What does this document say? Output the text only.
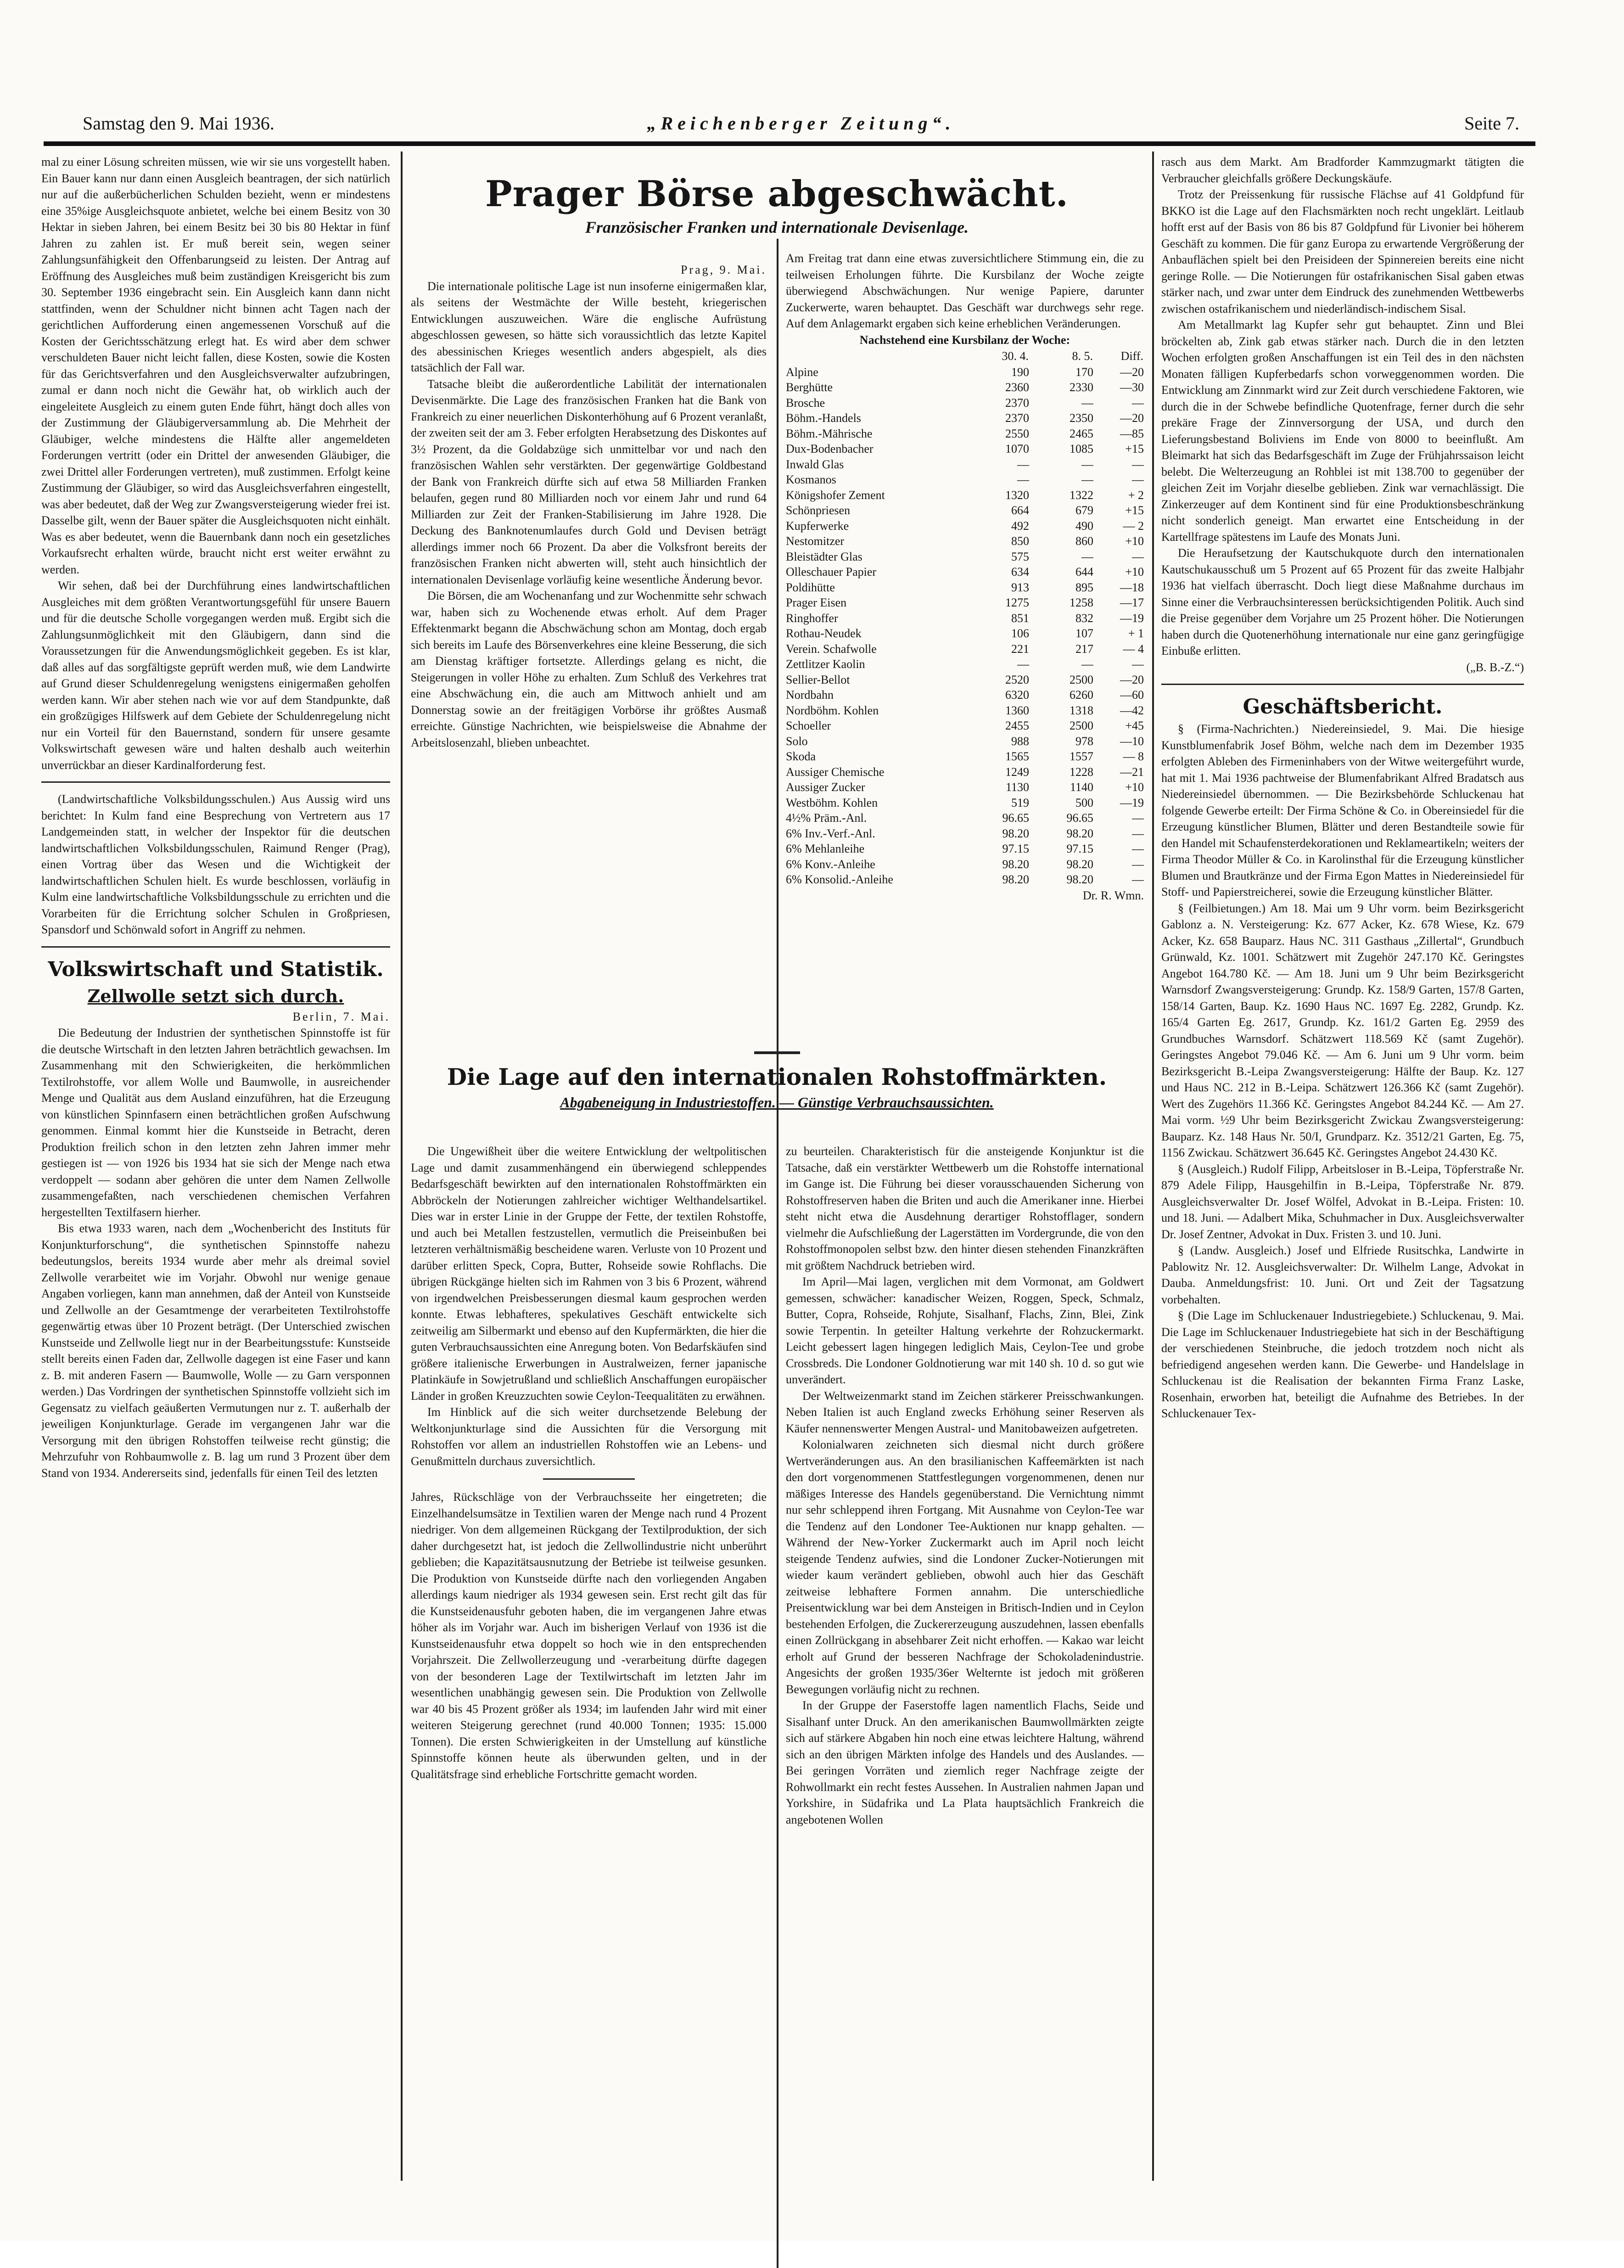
Samstag den 9. Mai 1936.	„Reichenberger Zeitung“.	Seite 7.

mal zu einer Lösung schreiten müssen, wie wir sie uns vorgestellt haben. Ein Bauer kann nur dann einen Ausgleich beantragen, der sich natürlich nur auf die außerbücherlichen Schulden bezieht, wenn er mindestens eine 35%ige Ausgleichsquote anbietet, welche bei einem Besitz von 30 Hektar in sieben Jahren, bei einem Besitz bei 30 bis 80 Hektar in fünf Jahren zu zahlen ist. Er muß bereit sein, wegen seiner Zahlungsunfähigkeit den Offenbarungseid zu leisten. Der Antrag auf Eröffnung des Ausgleiches muß beim zuständigen Kreisgericht bis zum 30. September 1936 eingebracht sein. Ein Ausgleich kann dann nicht stattfinden, wenn der Schuldner nicht binnen acht Tagen nach der gerichtlichen Aufforderung einen angemessenen Vorschuß auf die Kosten der Gerichtsschätzung erlegt hat. Es wird aber dem schwer verschuldeten Bauer nicht leicht fallen, diese Kosten, sowie die Kosten für das Gerichtsverfahren und den Ausgleichsverwalter aufzubringen, zumal er dann noch nicht die Gewähr hat, ob wirklich auch der eingeleitete Ausgleich zu einem guten Ende führt, hängt doch alles von der Zustimmung der Gläubigerversammlung ab. Die Mehrheit der Gläubiger, welche mindestens die Hälfte aller angemeldeten Forderungen vertritt (oder ein Drittel der anwesenden Gläubiger, die zwei Drittel aller Forderungen vertreten), muß zustimmen. Erfolgt keine Zustimmung der Gläubiger, so wird das Ausgleichsverfahren eingestellt, was aber bedeutet, daß der Weg zur Zwangsversteigerung wieder frei ist. Dasselbe gilt, wenn der Bauer später die Ausgleichsquoten nicht einhält. Was es aber bedeutet, wenn die Bauernbank dann noch ein gesetzliches Vorkaufsrecht erhalten würde, braucht nicht erst weiter erwähnt zu werden.

Wir sehen, daß bei der Durchführung eines landwirtschaftlichen Ausgleiches mit dem größten Verantwortungsgefühl für unsere Bauern und für die deutsche Scholle vorgegangen werden muß. Ergibt sich die Zahlungsunmöglichkeit mit den Gläubigern, dann sind die Voraussetzungen für die Anwendungsmöglichkeit gegeben. Es ist klar, daß alles auf das sorgfältigste geprüft werden muß, wie dem Landwirte auf Grund dieser Schuldenregelung wenigstens einigermaßen geholfen werden kann. Wir aber stehen nach wie vor auf dem Standpunkte, daß ein großzügiges Hilfswerk auf dem Gebiete der Schuldenregelung nicht nur ein Vorteil für den Bauernstand, sondern für unsere gesamte Volkswirtschaft gewesen wäre und halten deshalb auch weiterhin unverrückbar an dieser Kardinalforderung fest.

(Landwirtschaftliche Volksbildungsschulen.) Aus Aussig wird uns berichtet: In Kulm fand eine Besprechung von Vertretern aus 17 Landgemeinden statt, in welcher der Inspektor für die deutschen landwirtschaftlichen Volksbildungsschulen, Raimund Renger (Prag), einen Vortrag über das Wesen und die Wichtigkeit der landwirtschaftlichen Schulen hielt. Es wurde beschlossen, vorläufig in Kulm eine landwirtschaftliche Volksbildungsschule zu errichten und die Vorarbeiten für die Errichtung solcher Schulen in Großpriesen, Spansdorf und Schönwald sofort in Angriff zu nehmen.

Volkswirtschaft und Statistik.
Zellwolle setzt sich durch.
Berlin, 7. Mai.

Die Bedeutung der Industrien der synthetischen Spinnstoffe ist für die deutsche Wirtschaft in den letzten Jahren beträchtlich gewachsen. Im Zusammenhang mit den Schwierigkeiten, die herkömmlichen Textilrohstoffe, vor allem Wolle und Baumwolle, in ausreichender Menge und Qualität aus dem Ausland einzuführen, hat die Erzeugung von künstlichen Spinnfasern einen beträchtlichen großen Aufschwung genommen. Einmal kommt hier die Kunstseide in Betracht, deren Produktion freilich schon in den letzten zehn Jahren immer mehr gestiegen ist — von 1926 bis 1934 hat sie sich der Menge nach etwa verdoppelt — sodann aber gehören die unter dem Namen Zellwolle zusammengefaßten, nach verschiedenen chemischen Verfahren hergestellten Textilfasern hierher.

Bis etwa 1933 waren, nach dem „Wochenbericht des Instituts für Konjunkturforschung“, die synthetischen Spinnstoffe nahezu bedeutungslos, bereits 1934 wurde aber mehr als dreimal soviel Zellwolle verarbeitet wie im Vorjahr. Obwohl nur wenige genaue Angaben vorliegen, kann man annehmen, daß der Anteil von Kunstseide und Zellwolle an der Gesamtmenge der verarbeiteten Textilrohstoffe gegenwärtig etwas über 10 Prozent beträgt. (Der Unterschied zwischen Kunstseide und Zellwolle liegt nur in der Bearbeitungsstufe: Kunstseide stellt bereits einen Faden dar, Zellwolle dagegen ist eine Faser und kann z. B. mit anderen Fasern — Baumwolle, Wolle — zu Garn versponnen werden.) Das Vordringen der synthetischen Spinnstoffe vollzieht sich im Gegensatz zu vielfach geäußerten Vermutungen nur z. T. außerhalb der jeweiligen Konjunkturlage. Gerade im vergangenen Jahr war die Versorgung mit den übrigen Rohstoffen teilweise recht günstig; die Mehrzufuhr von Rohbaumwolle z. B. lag um rund 3 Prozent über dem Stand von 1934. Andererseits sind, jedenfalls für einen Teil des letzten

Prager Börse abgeschwächt.
Französischer Franken und internationale Devisenlage.
Prag, 9. Mai.

Die internationale politische Lage ist nun insoferne einigermaßen klar, als seitens der Westmächte der Wille besteht, kriegerischen Entwicklungen auszuweichen. Wäre die englische Aufrüstung abgeschlossen gewesen, so hätte sich voraussichtlich das letzte Kapitel des abessinischen Krieges wesentlich anders abgespielt, als dies tatsächlich der Fall war.

Tatsache bleibt die außerordentliche Labilität der internationalen Devisenmärkte. Die Lage des französischen Franken hat die Bank von Frankreich zu einer neuerlichen Diskonterhöhung auf 6 Prozent veranlaßt, der zweiten seit der am 3. Feber erfolgten Herabsetzung des Diskontes auf 3½ Prozent, da die Goldabzüge sich unmittelbar vor und nach den französischen Wahlen sehr verstärkten. Der gegenwärtige Goldbestand der Bank von Frankreich dürfte sich auf etwa 58 Milliarden Franken belaufen, gegen rund 80 Milliarden noch vor einem Jahr und rund 64 Milliarden zur Zeit der Franken-Stabilisierung im Jahre 1928. Die Deckung des Banknotenumlaufes durch Gold und Devisen beträgt allerdings immer noch 66 Prozent. Da aber die Volksfront bereits der französischen Franken nicht abwerten will, steht auch hinsichtlich der internationalen Devisenlage vorläufig keine wesentliche Änderung bevor.

Die Börsen, die am Wochenanfang und zur Wochenmitte sehr schwach war, haben sich zu Wochenende etwas erholt. Auf dem Prager Effektenmarkt begann die Abschwächung schon am Montag, doch ergab sich bereits im Laufe des Börsenverkehres eine kleine Besserung, die sich am Dienstag kräftiger fortsetzte. Allerdings gelang es nicht, die Steigerungen in voller Höhe zu erhalten. Zum Schluß des Verkehres trat eine Abschwächung ein, die auch am Mittwoch anhielt und am Donnerstag sowie an der freitägigen Vorbörse ihr größtes Ausmaß erreichte. Günstige Nachrichten, wie beispielsweise die Abnahme der Arbeitslosenzahl, blieben unbeachtet.

Am Freitag trat dann eine etwas zuversichtlichere Stimmung ein, die zu teilweisen Erholungen führte. Die Kursbilanz der Woche zeigte überwiegend Abschwächungen. Nur wenige Papiere, darunter Zuckerwerte, waren behauptet. Das Geschäft war durchwegs sehr rege. Auf dem Anlagemarkt ergaben sich keine erheblichen Veränderungen.

Nachstehend eine Kursbilanz der Woche:

	30. 4.	8. 5.	Diff.
Alpine	190	170	—20
Berghütte	2360	2330	—30
Brosche	2370	—	—
Böhm.-Handels	2370	2350	—20
Böhm.-Mährische	2550	2465	—85
Dux-Bodenbacher	1070	1085	+15
Inwald Glas	—	—	—
Kosmanos	—	—	—
Königshofer Zement	1320	1322	+ 2
Schönpriesen	664	679	+15
Kupferwerke	492	490	— 2
Nestomitzer	850	860	+10
Bleistädter Glas	575	—	—
Olleschauer Papier	634	644	+10
Poldihütte	913	895	—18
Prager Eisen	1275	1258	—17
Ringhoffer	851	832	—19
Rothau-Neudek	106	107	+ 1
Verein. Schafwolle	221	217	— 4
Zettlitzer Kaolin	—	—	—
Sellier-Bellot	2520	2500	—20
Nordbahn	6320	6260	—60
Nordböhm. Kohlen	1360	1318	—42
Schoeller	2455	2500	+45
Solo	988	978	—10
Skoda	1565	1557	— 8
Aussiger Chemische	1249	1228	—21
Aussiger Zucker	1130	1140	+10
Westböhm. Kohlen	519	500	—19
4½% Präm.-Anl.	96.65	96.65	—
6% Inv.-Verf.-Anl.	98.20	98.20	—
6% Mehlanleihe	97.15	97.15	—
6% Konv.-Anleihe	98.20	98.20	—
6% Konsolid.-Anleihe	98.20	98.20	—
Dr. R. Wmn.
Die Lage auf den internationalen Rohstoffmärkten.
Abgabeneigung in Industriestoffen. — Günstige Verbrauchsaussichten.

Die Ungewißheit über die weitere Entwicklung der weltpolitischen Lage und damit zusammenhängend ein überwiegend schleppendes Bedarfsgeschäft bewirkten auf den internationalen Rohstoffmärkten ein Abbröckeln der Notierungen zahlreicher wichtiger Welthandelsartikel. Dies war in erster Linie in der Gruppe der Fette, der textilen Rohstoffe, und auch bei Metallen festzustellen, vermutlich die Preiseinbußen bei letzteren verhältnismäßig bescheidene waren. Verluste von 10 Prozent und darüber erlitten Speck, Copra, Butter, Rohseide sowie Rohflachs. Die übrigen Rückgänge hielten sich im Rahmen von 3 bis 6 Prozent, während von irgendwelchen Preisbesserungen diesmal kaum gesprochen werden konnte. Etwas lebhafteres, spekulatives Geschäft entwickelte sich zeitweilig am Silbermarkt und ebenso auf den Kupfermärkten, die hier die guten Verbrauchsaussichten eine Anregung boten. Von Bedarfskäufen sind größere italienische Erwerbungen in Australweizen, ferner japanische Platinkäufe in Sowjetrußland und schließlich Anschaffungen europäischer Länder in großen Kreuzzuchten sowie Ceylon-Teequalitäten zu erwähnen.

Im Hinblick auf die sich weiter durchsetzende Belebung der Weltkonjunkturlage sind die Aussichten für die Versorgung mit Rohstoffen vor allem an industriellen Rohstoffen wie an Lebens- und Genußmitteln durchaus zuversichtlich.

Jahres, Rückschläge von der Verbrauchsseite her eingetreten; die Einzelhandelsumsätze in Textilien waren der Menge nach rund 4 Prozent niedriger. Von dem allgemeinen Rückgang der Textilproduktion, der sich daher durchgesetzt hat, ist jedoch die Zellwollindustrie nicht unberührt geblieben; die Kapazitätsausnutzung der Betriebe ist teilweise gesunken. Die Produktion von Kunstseide dürfte nach den vorliegenden Angaben allerdings kaum niedriger als 1934 gewesen sein. Erst recht gilt das für die Kunstseidenausfuhr geboten haben, die im vergangenen Jahre etwas höher als im Vorjahr war. Auch im bisherigen Verlauf von 1936 ist die Kunstseidenausfuhr etwa doppelt so hoch wie in den entsprechenden Vorjahrszeit. Die Zellwollerzeugung und -verarbeitung dürfte dagegen von der besonderen Lage der Textilwirtschaft im letzten Jahr im wesentlichen unabhängig gewesen sein. Die Produktion von Zellwolle war 40 bis 45 Prozent größer als 1934; im laufenden Jahr wird mit einer weiteren Steigerung gerechnet (rund 40.000 Tonnen; 1935: 15.000 Tonnen). Die ersten Schwierigkeiten in der Umstellung auf künstliche Spinnstoffe können heute als überwunden gelten, und in der Qualitätsfrage sind erhebliche Fortschritte gemacht worden.

zu beurteilen. Charakteristisch für die ansteigende Konjunktur ist die Tatsache, daß ein verstärkter Wettbewerb um die Rohstoffe international im Gange ist. Die Führung bei dieser vorausschauenden Sicherung von Rohstoffreserven haben die Briten und auch die Amerikaner inne. Hierbei steht nicht etwa die Ausdehnung derartiger Rohstofflager, sondern vielmehr die Aufschließung der Lagerstätten im Vordergrunde, die von den Rohstoffmonopolen selbst bzw. den hinter diesen stehenden Finanzkräften mit größtem Nachdruck betrieben wird.

Im April—Mai lagen, verglichen mit dem Vormonat, am Goldwert gemessen, schwächer: kanadischer Weizen, Roggen, Speck, Schmalz, Butter, Copra, Rohseide, Rohjute, Sisalhanf, Flachs, Zinn, Blei, Zink sowie Terpentin. In geteilter Haltung verkehrte der Rohzuckermarkt. Leicht gebessert lagen hingegen lediglich Mais, Ceylon-Tee und grobe Crossbreds. Die Londoner Goldnotierung war mit 140 sh. 10 d. so gut wie unverändert.

Der Weltweizenmarkt stand im Zeichen stärkerer Preisschwankungen. Neben Italien ist auch England zwecks Erhöhung seiner Reserven als Käufer nennenswerter Mengen Austral- und Manitobaweizen aufgetreten.

Kolonialwaren zeichneten sich diesmal nicht durch größere Wertveränderungen aus. An den brasilianischen Kaffeemärkten ist nach den dort vorgenommenen Stattfestlegungen vorgenommenen, denen nur mäßiges Interesse des Handels gegenüberstand. Die Vernichtung nimmt nur sehr schleppend ihren Fortgang. Mit Ausnahme von Ceylon-Tee war die Tendenz auf den Londoner Tee-Auktionen nur knapp gehalten. — Während der New-Yorker Zuckermarkt auch im April noch leicht steigende Tendenz aufwies, sind die Londoner Zucker-Notierungen mit wieder kaum verändert geblieben, obwohl auch hier das Geschäft zeitweise lebhaftere Formen annahm. Die unterschiedliche Preisentwicklung war bei dem Ansteigen in Britisch-Indien und in Ceylon bestehenden Erfolgen, die Zuckererzeugung auszudehnen, lassen ebenfalls einen Zollrückgang in absehbarer Zeit nicht erhoffen. — Kakao war leicht erholt auf Grund der besseren Nachfrage der Schokoladenindustrie. Angesichts der großen 1935/36er Welternte ist jedoch mit größeren Bewegungen vorläufig nicht zu rechnen.

In der Gruppe der Faserstoffe lagen namentlich Flachs, Seide und Sisalhanf unter Druck. An den amerikanischen Baumwollmärkten zeigte sich auf stärkere Abgaben hin noch eine etwas leichtere Haltung, während sich an den übrigen Märkten infolge des Handels und des Auslandes. — Bei geringen Vorräten und ziemlich reger Nachfrage zeigte der Rohwollmarkt ein recht festes Aussehen. In Australien nahmen Japan und Yorkshire, in Südafrika und La Plata hauptsächlich Frankreich die angebotenen Wollen

rasch aus dem Markt. Am Bradforder Kammzugmarkt tätigten die Verbraucher gleichfalls größere Deckungskäufe.

Trotz der Preissenkung für russische Flächse auf 41 Goldpfund für BKKO ist die Lage auf den Flachsmärkten noch recht ungeklärt. Leitlaub hofft erst auf der Basis von 86 bis 87 Goldpfund für Livonier bei höherem Geschäft zu kommen. Die für ganz Europa zu erwartende Vergrößerung der Anbauflächen spielt bei den Preisideen der Spinnereien bereits eine nicht geringe Rolle. — Die Notierungen für ostafrikanischen Sisal gaben etwas stärker nach, und zwar unter dem Eindruck des zunehmenden Wettbewerbs zwischen ostafrikanischem und niederländisch-indischem Sisal.

Am Metallmarkt lag Kupfer sehr gut behauptet. Zinn und Blei bröckelten ab, Zink gab etwas stärker nach. Durch die in den letzten Wochen erfolgten großen Anschaffungen ist ein Teil des in den nächsten Monaten fälligen Kupferbedarfs schon vorweggenommen worden. Die Entwicklung am Zinnmarkt wird zur Zeit durch verschiedene Faktoren, wie durch die in der Schwebe befindliche Quotenfrage, ferner durch die sehr prekäre Frage der Zinnversorgung der USA, und durch den Lieferungsbestand Boliviens im Ende von 8000 to beeinflußt. Am Bleimarkt hat sich das Bedarfsgeschäft im Zuge der Frühjahrssaison leicht belebt. Die Welterzeugung an Rohblei ist mit 138.700 to gegenüber der gleichen Zeit im Vorjahr dieselbe geblieben. Zink war vernachlässigt. Die Zinkerzeuger auf dem Kontinent sind für eine Produktionsbeschränkung nicht sonderlich geneigt. Man erwartet eine Entscheidung in der Kartellfrage spätestens im Laufe des Monats Juni.

Die Heraufsetzung der Kautschukquote durch den internationalen Kautschukausschuß um 5 Prozent auf 65 Prozent für das zweite Halbjahr 1936 hat vielfach überrascht. Doch liegt diese Maßnahme durchaus im Sinne einer die Verbrauchsinteressen berücksichtigenden Politik. Auch sind die Preise gegenüber dem Vorjahre um 25 Prozent höher. Die Notierungen haben durch die Quotenerhöhung internationale nur eine ganz geringfügige Einbuße erlitten.

(„B. B.-Z.“)
Geschäftsbericht.

§ (Firma-Nachrichten.) Niedereinsiedel, 9. Mai. Die hiesige Kunstblumenfabrik Josef Böhm, welche nach dem im Dezember 1935 erfolgten Ableben des Firmeninhabers von der Witwe weitergeführt wurde, hat mit 1. Mai 1936 pachtweise der Blumenfabrikant Alfred Bradatsch aus Niedereinsiedel übernommen. — Die Bezirksbehörde Schluckenau hat folgende Gewerbe erteilt: Der Firma Schöne & Co. in Obereinsiedel für die Erzeugung künstlicher Blumen, Blätter und deren Bestandteile sowie für den Handel mit Schaufensterdekorationen und Reklameartikeln; weiters der Firma Theodor Müller & Co. in Karolinsthal für die Erzeugung künstlicher Blumen und Brautkränze und der Firma Egon Mattes in Niedereinsiedel für Stoff- und Papierstreicherei, sowie die Erzeugung künstlicher Blätter.

§ (Feilbietungen.) Am 18. Mai um 9 Uhr vorm. beim Bezirksgericht Gablonz a. N. Versteigerung: Kz. 677 Acker, Kz. 678 Wiese, Kz. 679 Acker, Kz. 658 Bauparz. Haus NC. 311 Gasthaus „Zillertal“, Grundbuch Grünwald, Kz. 1001. Schätzwert mit Zugehör 247.170 Kč. Geringstes Angebot 164.780 Kč. — Am 18. Juni um 9 Uhr beim Bezirksgericht Warnsdorf Zwangsversteigerung: Grundp. Kz. 158/9 Garten, 157/8 Garten, 158/14 Garten, Baup. Kz. 1690 Haus NC. 1697 Eg. 2282, Grundp. Kz. 165/4 Garten Eg. 2617, Grundp. Kz. 161/2 Garten Eg. 2959 des Grundbuches Warnsdorf. Schätzwert 118.569 Kč (samt Zugehör). Geringstes Angebot 79.046 Kč. — Am 6. Juni um 9 Uhr vorm. beim Bezirksgericht B.-Leipa Zwangsversteigerung: Hälfte der Baup. Kz. 127 und Haus NC. 212 in B.-Leipa. Schätzwert 126.366 Kč (samt Zugehör). Wert des Zugehörs 11.366 Kč. Geringstes Angebot 84.244 Kč. — Am 27. Mai vorm. ½9 Uhr beim Bezirksgericht Zwickau Zwangsversteigerung: Bauparz. Kz. 148 Haus Nr. 50/I, Grundparz. Kz. 3512/21 Garten, Eg. 75, 1156 Zwickau. Schätzwert 36.645 Kč. Geringstes Angebot 24.430 Kč.

§ (Ausgleich.) Rudolf Filipp, Arbeitsloser in B.-Leipa, Töpferstraße Nr. 879 Adele Filipp, Hausgehilfin in B.-Leipa, Töpferstraße Nr. 879. Ausgleichsverwalter Dr. Josef Wölfel, Advokat in B.-Leipa. Fristen: 10. und 18. Juni. — Adalbert Mika, Schuhmacher in Dux. Ausgleichsverwalter Dr. Josef Zentner, Advokat in Dux. Fristen 3. und 10. Juni.

§ (Landw. Ausgleich.) Josef und Elfriede Rusitschka, Landwirte in Pablowitz Nr. 12. Ausgleichsverwalter: Dr. Wilhelm Lange, Advokat in Dauba. Anmeldungsfrist: 10. Juni. Ort und Zeit der Tagsatzung vorbehalten.

§ (Die Lage im Schluckenauer Industriegebiete.) Schluckenau, 9. Mai. Die Lage im Schluckenauer Industriegebiete hat sich in der Beschäftigung der verschiedenen Steinbruche, die jedoch trotzdem noch nicht als befriedigend angesehen werden kann. Die Gewerbe- und Handelslage in Schluckenau ist die Realisation der bekannten Firma Franz Laske, Rosenhain, erworben hat, beteiligt die Aufnahme des Betriebes. In der Schluckenauer Tex-
